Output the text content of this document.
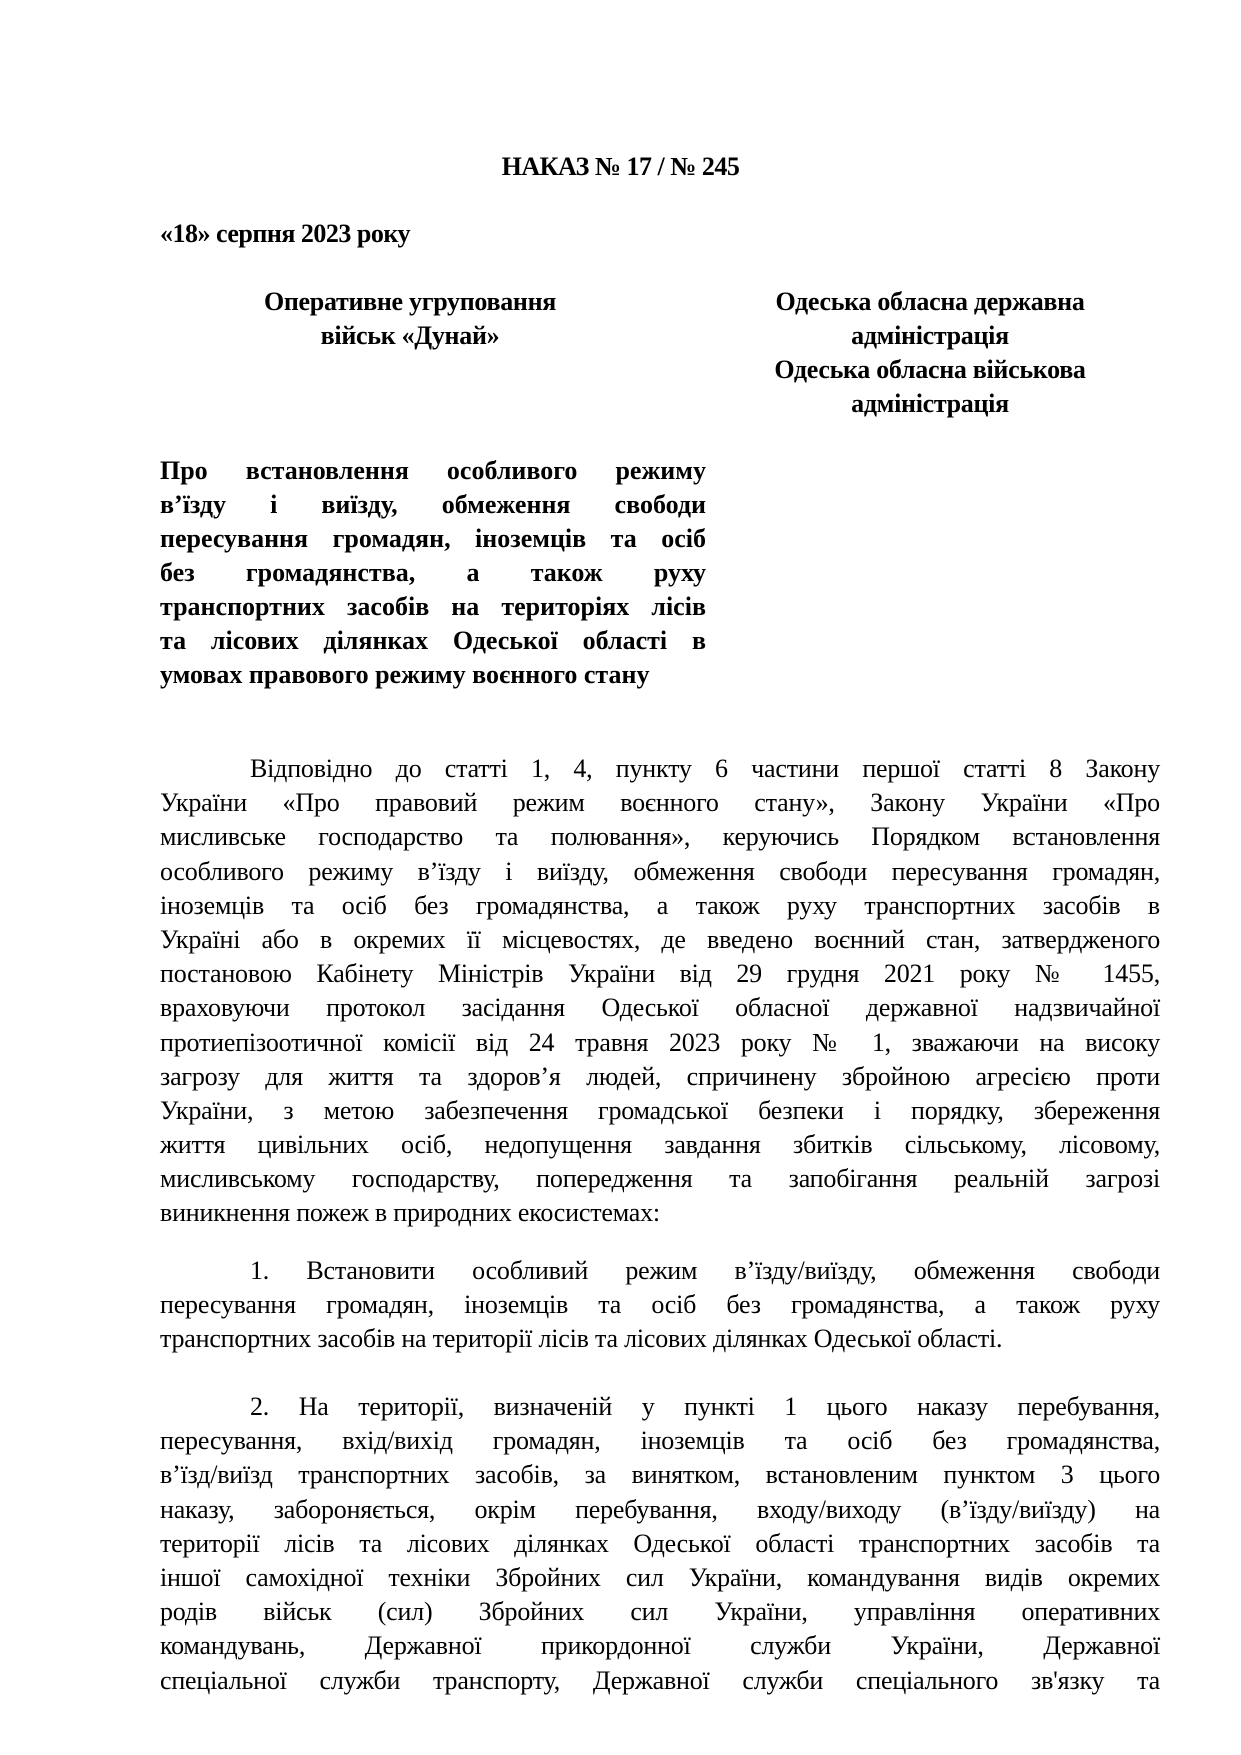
НАКАЗ № 17 / № 245
«18» серпня 2023 року
Оперативне угруповання
військ «Дунай»
Одеська обласна державна
адміністрація
Одеська обласна військова
адміністрація
Про встановлення особливого режиму
в’їзду і виїзду, обмеження свободи
пересування громадян, іноземців та осіб
без громадянства, а також руху
транспортних засобів на територіях лісів
та лісових ділянках Одеської області в
умовах правового режиму воєнного стану
Відповідно до статті 1, 4, пункту 6 частини першої статті 8 Закону
України «Про правовий режим воєнного стану», Закону України «Про
мисливське господарство та полювання», керуючись Порядком встановлення
особливого режиму в’їзду і виїзду, обмеження свободи пересування громадян,
іноземців та осіб без громадянства, а також руху транспортних засобів в
Україні або в окремих її місцевостях, де введено воєнний стан, затвердженого
постановою Кабінету Міністрів України від 29 грудня 2021 року № 1455,
враховуючи протокол засідання Одеської обласної державної надзвичайної
протиепізоотичної комісії від 24 травня 2023 року № 1, зважаючи на високу
загрозу для життя та здоров’я людей, спричинену збройною агресією проти
України, з метою забезпечення громадської безпеки і порядку, збереження
життя цивільних осіб, недопущення завдання збитків сільському, лісовому,
мисливському господарству, попередження та запобігання реальній загрозі
виникнення пожеж в природних екосистемах:
1. Встановити особливий режим в’їзду/виїзду, обмеження свободи
пересування громадян, іноземців та осіб без громадянства, а також руху
транспортних засобів на території лісів та лісових ділянках Одеської області.
2. На території, визначеній у пункті 1 цього наказу перебування,
пересування, вхід/вихід громадян, іноземців та осіб без громадянства,
в’їзд/виїзд транспортних засобів, за винятком, встановленим пунктом 3 цього
наказу, забороняється, окрім перебування, входу/виходу (в’їзду/виїзду) на
території лісів та лісових ділянках Одеської області транспортних засобів та
іншої самохідної техніки Збройних сил України, командування видів окремих
родів військ (сил) Збройних сил України, управління оперативних
командувань, Державної прикордонної служби України, Державної
спеціальної служби транспорту, Державної служби спеціального зв'язку та
